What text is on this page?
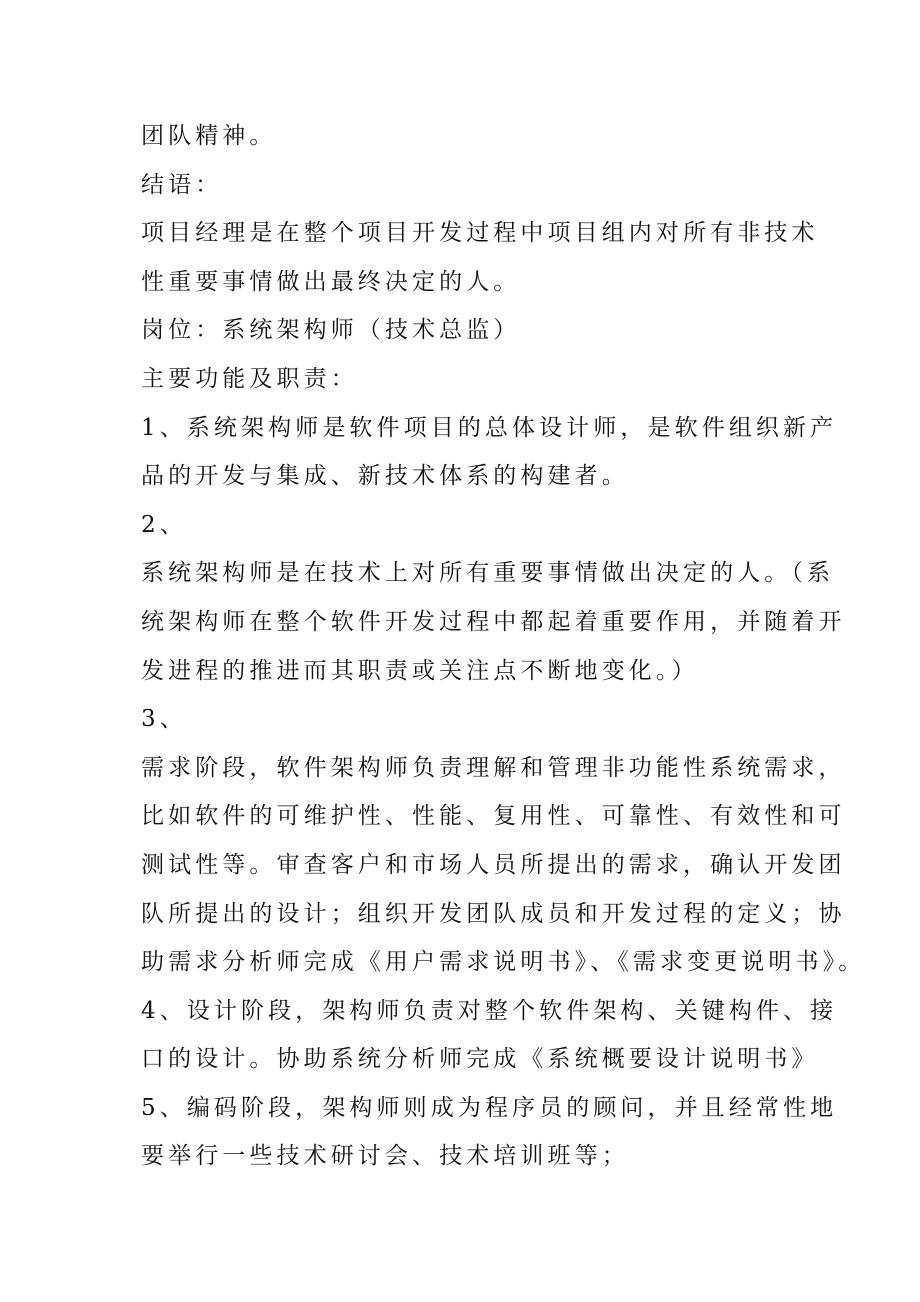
团队精神。
结语：
项目经理是在整个项目开发过程中项目组内对所有非技术
性重要事情做出最终决定的人。
岗位：系统架构师（技术总监）
主要功能及职责：
1、系统架构师是软件项目的总体设计师，是软件组织新产
品的开发与集成、新技术体系的构建者。
2、
系统架构师是在技术上对所有重要事情做出决定的人。（系
统架构师在整个软件开发过程中都起着重要作用，并随着开
发进程的推进而其职责或关注点不断地变化。）
3、
需求阶段，软件架构师负责理解和管理非功能性系统需求，
比如软件的可维护性、性能、复用性、可靠性、有效性和可
测试性等。审查客户和市场人员所提出的需求，确认开发团
队所提出的设计；组织开发团队成员和开发过程的定义；协
助需求分析师完成《用户需求说明书》、《需求变更说明书》。
4、设计阶段，架构师负责对整个软件架构、关键构件、接
口的设计。协助系统分析师完成《系统概要设计说明书》
5、编码阶段，架构师则成为程序员的顾问，并且经常性地
要举行一些技术研讨会、技术培训班等；
